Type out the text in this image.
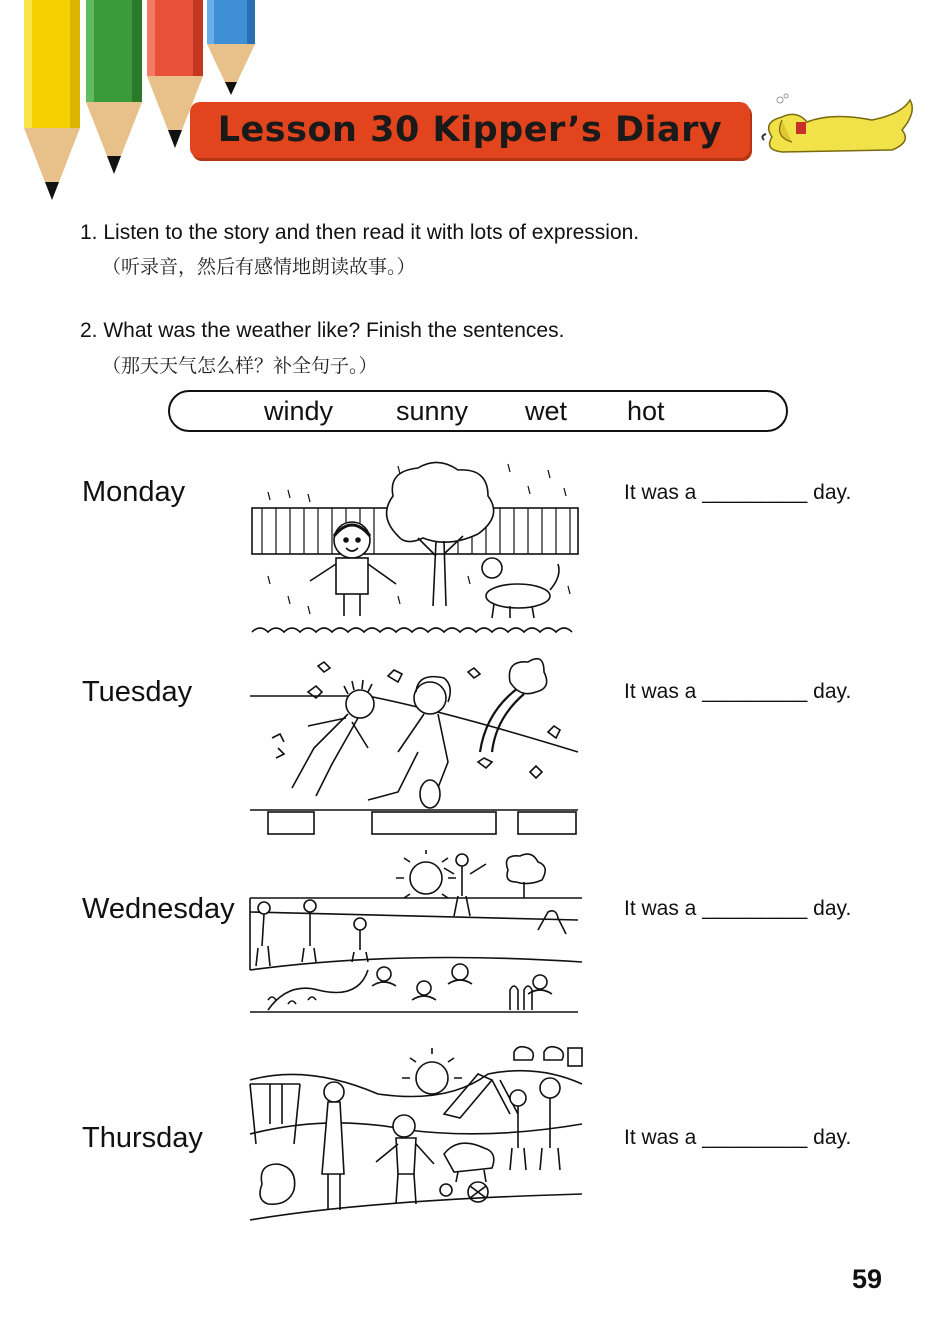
Lesson 30 Kipper’s Diary
1. Listen to the story and then read it with lots of expression.
（听录音，然后有感情地朗读故事。）
2. What was the weather like? Finish the sentences.
（那天天气怎么样？补全句子。）
windy sunny wet hot
Monday	It was a _________ day.
Tuesday	It was a _________ day.
Wednesday	It was a _________ day.
Thursday	It was a _________ day.
59
